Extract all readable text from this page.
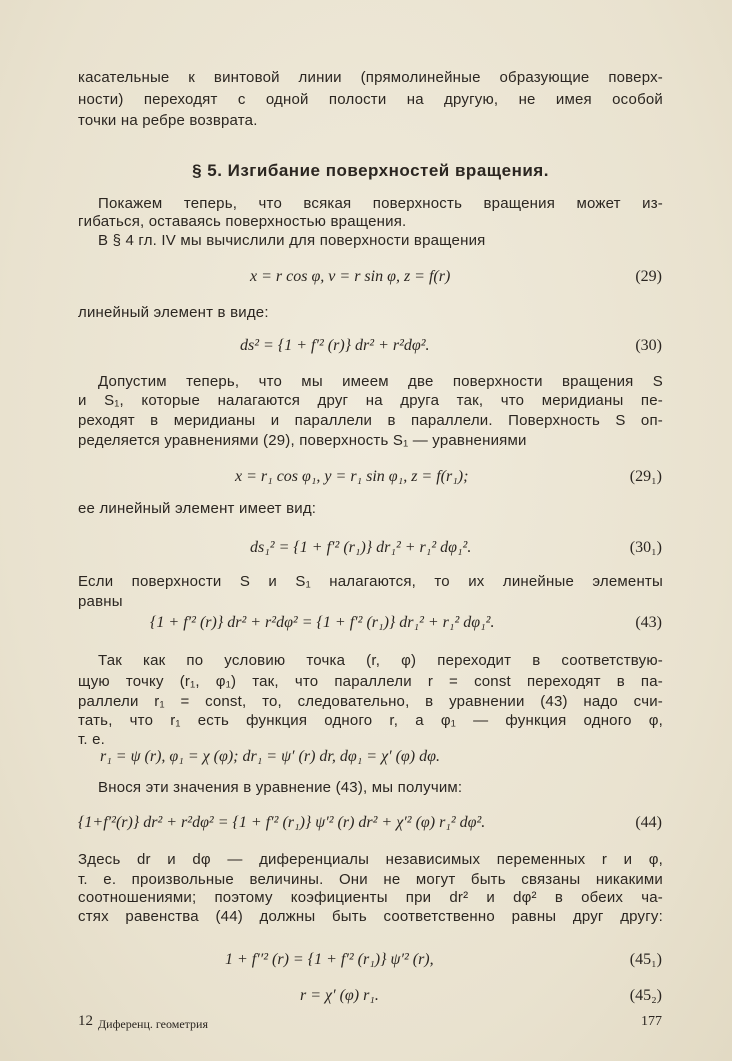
§ 5. Изгибание поверхностей вращения.
12 Диференц. геометрия	177
касательные к винтовой линии (прямолинейные образующие поверх-
ности) переходят с одной полости на другую, не имея особой
точки на ребре возврата.
Покажем теперь, что всякая поверхность вращения может из-
гибаться, оставаясь поверхностью вращения.
В § 4 гл. IV мы вычислили для поверхности вращения
линейный элемент в виде:
Допустим теперь, что мы имеем две поверхности вращения S
и S₁, которые налагаются друг на друга так, что меридианы пе-
реходят в меридианы и параллели в параллели. Поверхность S оп-
ределяется уравнениями (29), поверхность S₁ — уравнениями
ее линейный элемент имеет вид:
Если поверхности S и S₁ налагаются, то их линейные элементы
равны
Так как по условию точка (r, φ) переходит в соответствую-
щую точку (r₁, φ₁) так, что параллели r = const переходят в па-
раллели r₁ = const, то, следовательно, в уравнении (43) надо счи-
тать, что r₁ есть функция одного r, а φ₁ — функция одного φ,
т. е.
Внося эти значения в уравнение (43), мы получим:
Здесь dr и dφ — диференциалы независимых переменных r и φ,
т. е. произвольные величины. Они не могут быть связаны никакими
соотношениями; поэтому коэфициенты при dr² и dφ² в обеих ча-
стях равенства (44) должны быть соответственно равны друг другу:
x = r cos φ, v = r sin φ, z = f(r)	(29)
ds² = {1 + f′² (r)} dr² + r²dφ².	(30)
x = r₁ cos φ₁, y = r₁ sin φ₁, z = f(r₁);	(29₁)
ds₁² = {1 + f′² (r₁)} dr₁² + r₁² dφ₁².	(30₁)
{1 + f′² (r)} dr² + r²dφ² = {1 + f′² (r₁)} dr₁² + r₁² dφ₁².	(43)
r₁ = ψ (r), φ₁ = χ (φ); dr₁ = ψ′ (r) dr, dφ₁ = χ′ (φ) dφ.
{1+f′²(r)} dr² + r²dφ² = {1 + f′² (r₁)} ψ′² (r) dr² + χ′² (φ) r₁² dφ².	(44)
1 + f′′² (r) = {1 + f′² (r₁)} ψ′² (r),	(45₁)
r = χ′ (φ) r₁.	(45₂)
